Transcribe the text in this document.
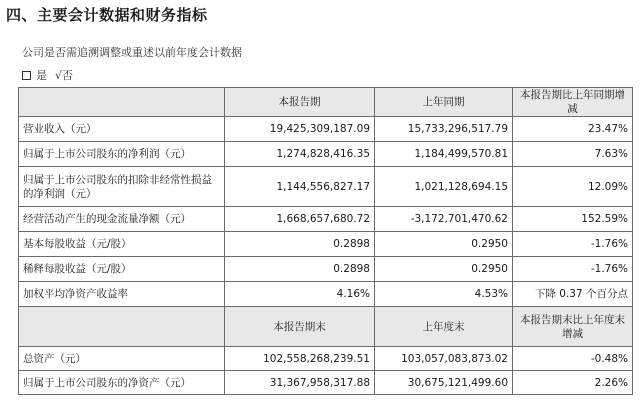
四、主要会计数据和财务指标
公司是否需追溯调整或重述以前年度会计数据
是 √否
	本报告期	上年同期	本报告期比上年同期增减
营业收入（元）	19,425,309,187.09	15,733,296,517.79	23.47%
归属于上市公司股东的净利润（元）	1,274,828,416.35	1,184,499,570.81	7.63%
归属于上市公司股东的扣除非经常性损益的净利润（元）	1,144,556,827.17	1,021,128,694.15	12.09%
经营活动产生的现金流量净额（元）	1,668,657,680.72	-3,172,701,470.62	152.59%
基本每股收益（元/股）	0.2898	0.2950	-1.76%
稀释每股收益（元/股）	0.2898	0.2950	-1.76%
加权平均净资产收益率	4.16%	4.53%	下降 0.37 个百分点
	本报告期末	上年度末	本报告期末比上年度末增减
总资产（元）	102,558,268,239.51	103,057,083,873.02	-0.48%
归属于上市公司股东的净资产（元）	31,367,958,317.88	30,675,121,499.60	2.26%
